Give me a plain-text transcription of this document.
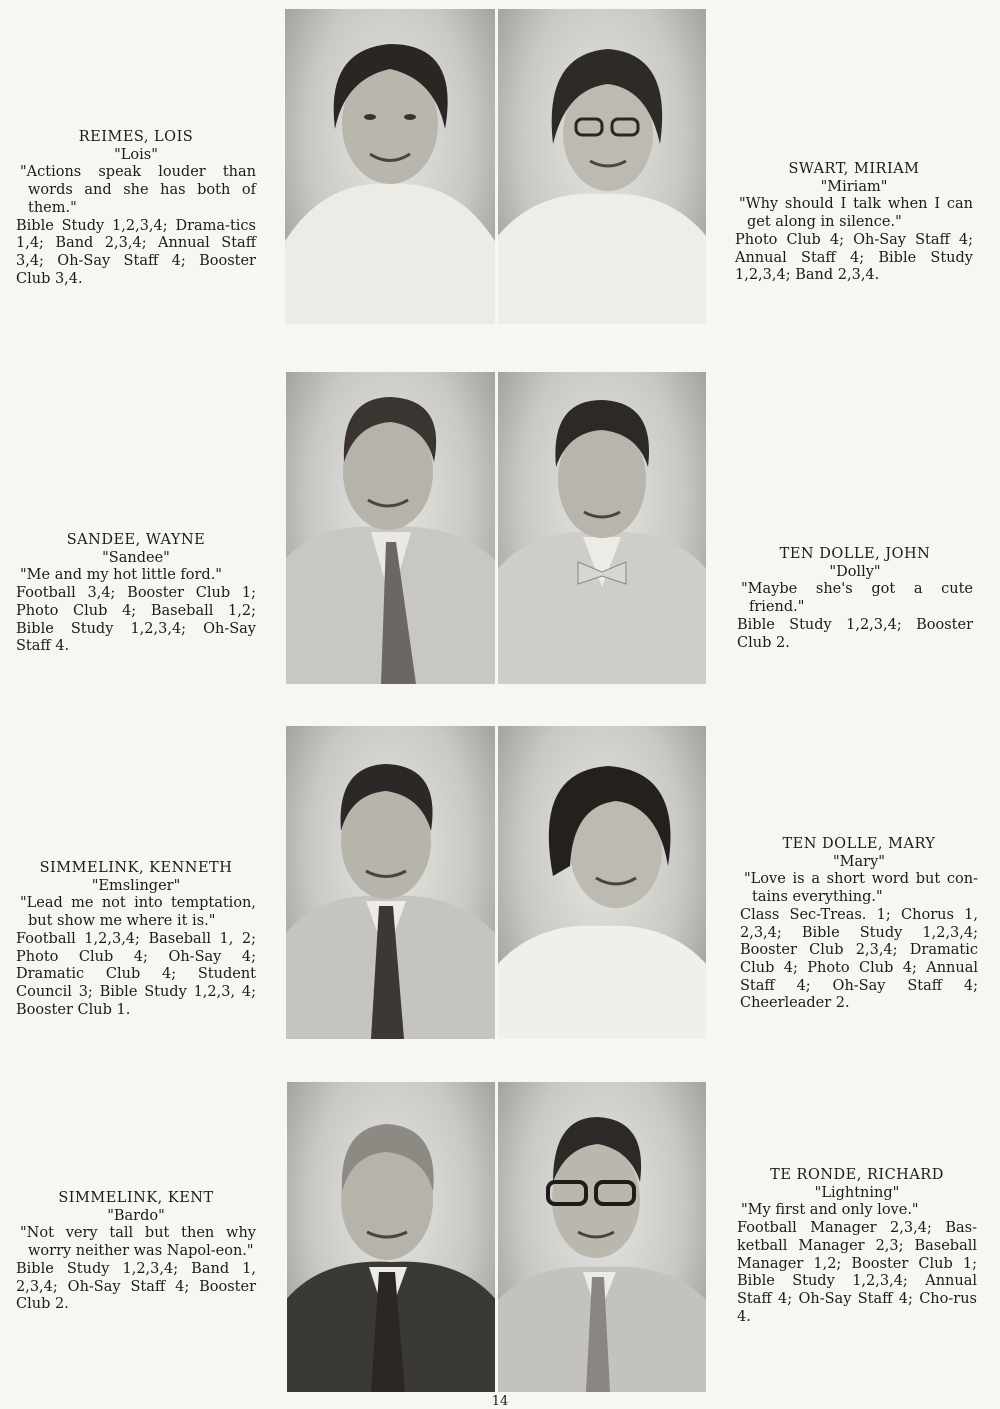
REIMES, LOIS
"Lois"
"Actions speak louder than words and she has both of them."
Bible Study 1,2,3,4; Drama-tics 1,4; Band 2,3,4; Annual Staff 3,4; Oh-Say Staff 4; Booster Club 3,4.
SWART, MIRIAM
"Miriam"
"Why should I talk when I can get along in silence."
Photo Club 4; Oh-Say Staff 4; Annual Staff 4; Bible Study 1,2,3,4; Band 2,3,4.
SANDEE, WAYNE
"Sandee"
"Me and my hot little ford."
Football 3,4; Booster Club 1; Photo Club 4; Baseball 1,2; Bible Study 1,2,3,4; Oh-Say Staff 4.
TEN DOLLE, JOHN
"Dolly"
"Maybe she's got a cute friend."
Bible Study 1,2,3,4; Booster Club 2.
SIMMELINK, KENNETH
"Emslinger"
"Lead me not into temptation, but show me where it is."
Football 1,2,3,4; Baseball 1, 2; Photo Club 4; Oh-Say 4; Dramatic Club 4; Student Council 3; Bible Study 1,2,3, 4; Booster Club 1.
TEN DOLLE, MARY
"Mary"
"Love is a short word but con-tains everything."
Class Sec-Treas. 1; Chorus 1, 2,3,4; Bible Study 1,2,3,4; Booster Club 2,3,4; Dramatic Club 4; Photo Club 4; Annual Staff 4; Oh-Say Staff 4; Cheerleader 2.
SIMMELINK, KENT
"Bardo"
"Not very tall but then why worry neither was Napol-eon."
Bible Study 1,2,3,4; Band 1, 2,3,4; Oh-Say Staff 4; Booster Club 2.
TE RONDE, RICHARD
"Lightning"
"My first and only love."
Football Manager 2,3,4; Bas-ketball Manager 2,3; Baseball Manager 1,2; Booster Club 1; Bible Study 1,2,3,4; Annual Staff 4; Oh-Say Staff 4; Cho-rus 4.
14
